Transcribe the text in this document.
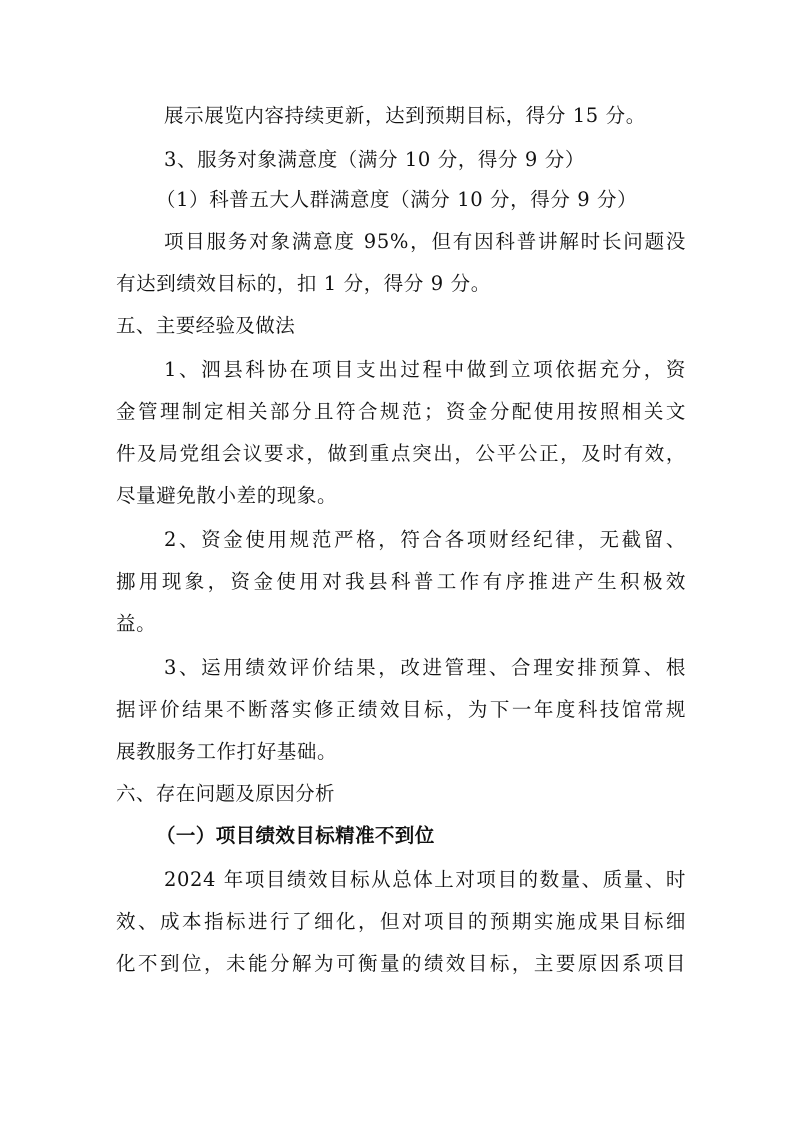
展示展览内容持续更新，达到预期目标，得分 15 分。
3、服务对象满意度（满分 10 分，得分 9 分）
（1）科普五大人群满意度（满分 10 分，得分 9 分）
项目服务对象满意度 95%，但有因科普讲解时长问题没
有达到绩效目标的，扣 1 分，得分 9 分。
五、主要经验及做法
1、泗县科协在项目支出过程中做到立项依据充分，资
金管理制定相关部分且符合规范；资金分配使用按照相关文
件及局党组会议要求，做到重点突出，公平公正，及时有效，
尽量避免散小差的现象。
2、资金使用规范严格，符合各项财经纪律，无截留、
挪用现象，资金使用对我县科普工作有序推进产生积极效
益。
3、运用绩效评价结果，改进管理、合理安排预算、根
据评价结果不断落实修正绩效目标，为下一年度科技馆常规
展教服务工作打好基础。
六、存在问题及原因分析
（一）项目绩效目标精准不到位
2024 年项目绩效目标从总体上对项目的数量、质量、时
效、成本指标进行了细化，但对项目的预期实施成果目标细
化不到位，未能分解为可衡量的绩效目标，主要原因系项目
